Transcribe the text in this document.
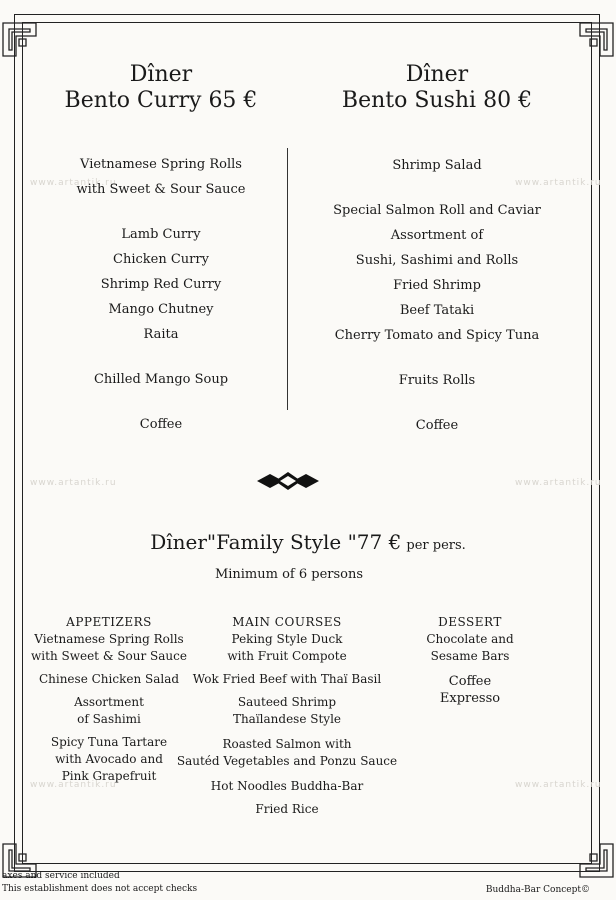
www.artantik.ru	www.artantik.ru
www.artantik.ru	www.artantik.ru
www.artantik.ru	www.artantik.ru
Dîner
Bento Curry 65 €
Vietnamese Spring Rolls
with Sweet & Sour Sauce
Lamb Curry
Chicken Curry
Shrimp Red Curry
Mango Chutney
Raita
Chilled Mango Soup
Coffee
Dîner
Bento Sushi 80 €
Shrimp Salad
Special Salmon Roll and Caviar
Assortment of
Sushi, Sashimi and Rolls
Fried Shrimp
Beef Tataki
Cherry Tomato and Spicy Tuna
Fruits Rolls
Coffee
Dîner"Family Style "77 € per pers.
Minimum of 6 persons
APPETIZERS
Vietnamese Spring Rolls
with Sweet & Sour Sauce
Chinese Chicken Salad
Assortment
of Sashimi
Spicy Tuna Tartare
with Avocado and
Pink Grapefruit
MAIN COURSES
Peking Style Duck
with Fruit Compote
Wok Fried Beef with Thaï Basil
Sauteed Shrimp
Thaïlandese Style
Roasted Salmon with
Sautéd Vegetables and Ponzu Sauce
Hot Noodles Buddha-Bar
Fried Rice
DESSERT
Chocolate and
Sesame Bars
Coffee
Expresso
axes and service included
This establishment does not accept checks	Buddha-Bar Concept©
